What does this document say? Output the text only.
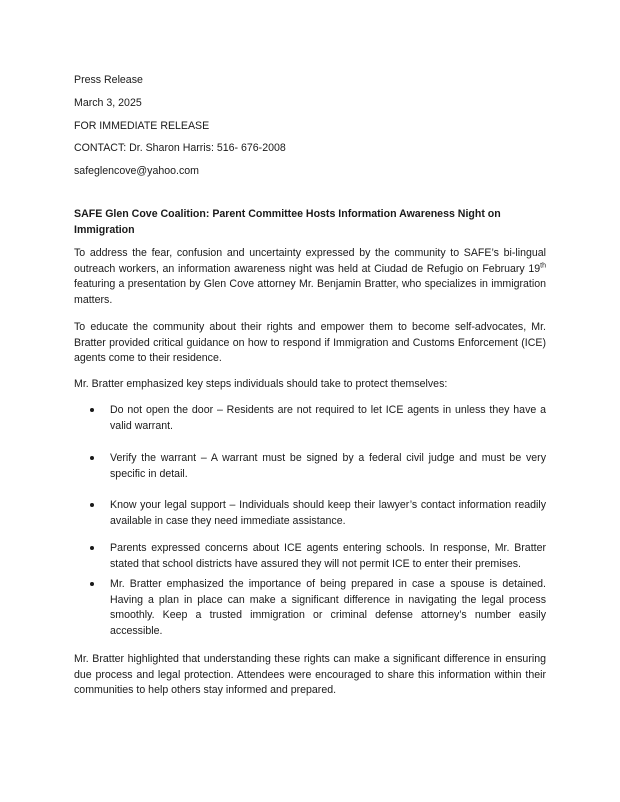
Press Release

March 3, 2025

FOR IMMEDIATE RELEASE

CONTACT: Dr. Sharon Harris: 516- 676-2008

safeglencove@yahoo.com

SAFE Glen Cove Coalition: Parent Committee Hosts Information Awareness Night on Immigration

To address the fear, confusion and uncertainty expressed by the community to SAFE’s bi-lingual outreach workers, an information awareness night was held at Ciudad de Refugio on February 19th featuring a presentation by Glen Cove attorney Mr. Benjamin Bratter, who specializes in immigration matters.

To educate the community about their rights and empower them to become self-advocates, Mr. Bratter provided critical guidance on how to respond if Immigration and Customs Enforcement (ICE) agents come to their residence.

Mr. Bratter emphasized key steps individuals should take to protect themselves:

Do not open the door – Residents are not required to let ICE agents in unless they have a valid warrant.

Verify the warrant – A warrant must be signed by a federal civil judge and must be very specific in detail.

Know your legal support – Individuals should keep their lawyer’s contact information readily available in case they need immediate assistance.

Parents expressed concerns about ICE agents entering schools. In response, Mr. Bratter stated that school districts have assured they will not permit ICE to enter their premises.

Mr. Bratter emphasized the importance of being prepared in case a spouse is detained. Having a plan in place can make a significant difference in navigating the legal process smoothly. Keep a trusted immigration or criminal defense attorney’s number easily accessible.

Mr. Bratter highlighted that understanding these rights can make a significant difference in ensuring due process and legal protection. Attendees were encouraged to share this information within their communities to help others stay informed and prepared.
